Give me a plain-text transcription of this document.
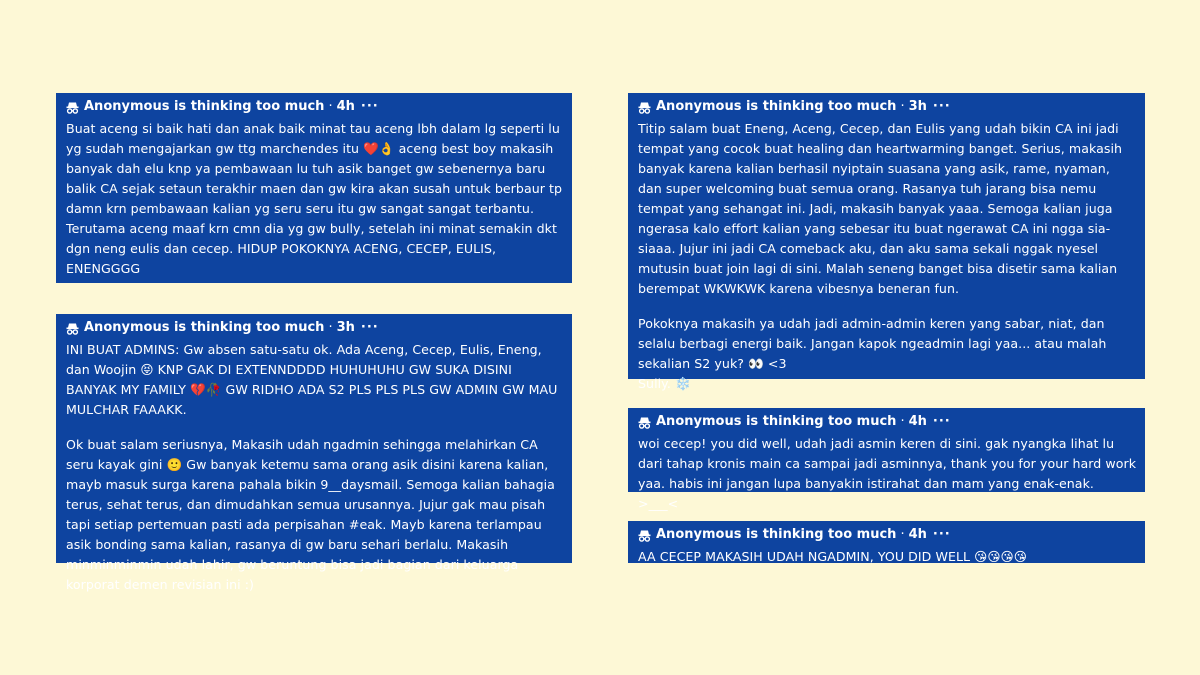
Anonymous is thinking too much · 4h ···

Buat aceng si baik hati dan anak baik minat tau aceng lbh dalam lg seperti lu yg sudah mengajarkan gw ttg marchendes itu ❤️👌 aceng best boy makasih banyak dah elu knp ya pembawaan lu tuh asik banget gw sebenernya baru balik CA sejak setaun terakhir maen dan gw kira akan susah untuk berbaur tp damn krn pembawaan kalian yg seru seru itu gw sangat sangat terbantu. Terutama aceng maaf krn cmn dia yg gw bully, setelah ini minat semakin dkt dgn neng eulis dan cecep. HIDUP POKOKNYA ACENG, CECEP, EULIS, ENENGGGG

Anonymous is thinking too much · 3h ···

INI BUAT ADMINS: Gw absen satu-satu ok. Ada Aceng, Cecep, Eulis, Eneng, dan Woojin 😝 KNP GAK DI EXTENNDDDD HUHUHUHU GW SUKA DISINI BANYAK MY FAMILY 💔🥀 GW RIDHO ADA S2 PLS PLS PLS GW ADMIN GW MAU MULCHAR FAAAKK.

Ok buat salam seriusnya, Makasih udah ngadmin sehingga melahirkan CA seru kayak gini 🙂 Gw banyak ketemu sama orang asik disini karena kalian, mayb masuk surga karena pahala bikin 9__daysmail. Semoga kalian bahagia terus, sehat terus, dan dimudahkan semua urusannya. Jujur gak mau pisah tapi setiap pertemuan pasti ada perpisahan #eak. Mayb karena terlampau asik bonding sama kalian, rasanya di gw baru sehari berlalu. Makasih minminminmin udah lahir, gw beruntung bisa jadi bagian dari keluarga korporat demen revisian ini :)

Anonymous is thinking too much · 3h ···

Titip salam buat Eneng, Aceng, Cecep, dan Eulis yang udah bikin CA ini jadi tempat yang cocok buat healing dan heartwarming banget. Serius, makasih banyak karena kalian berhasil nyiptain suasana yang asik, rame, nyaman, dan super welcoming buat semua orang. Rasanya tuh jarang bisa nemu tempat yang sehangat ini. Jadi, makasih banyak yaaa. Semoga kalian juga ngerasa kalo effort kalian yang sebesar itu buat ngerawat CA ini ngga sia-siaaa. Jujur ini jadi CA comeback aku, dan aku sama sekali nggak nyesel mutusin buat join lagi di sini. Malah seneng banget bisa disetir sama kalian berempat WKWKWK karena vibesnya beneran fun.

Pokoknya makasih ya udah jadi admin-admin keren yang sabar, niat, dan selalu berbagi energi baik. Jangan kapok ngeadmin lagi yaa... atau malah sekalian S2 yuk? 👀 <3
Sully. ❄️

Anonymous is thinking too much · 4h ···

woi cecep! you did well, udah jadi asmin keren di sini. gak nyangka lihat lu dari tahap kronis main ca sampai jadi asminnya, thank you for your hard work yaa. habis ini jangan lupa banyakin istirahat dan mam yang enak-enak. >___<

Anonymous is thinking too much · 4h ···

AA CECEP MAKASIH UDAH NGADMIN, YOU DID WELL 😘😘😘😘
